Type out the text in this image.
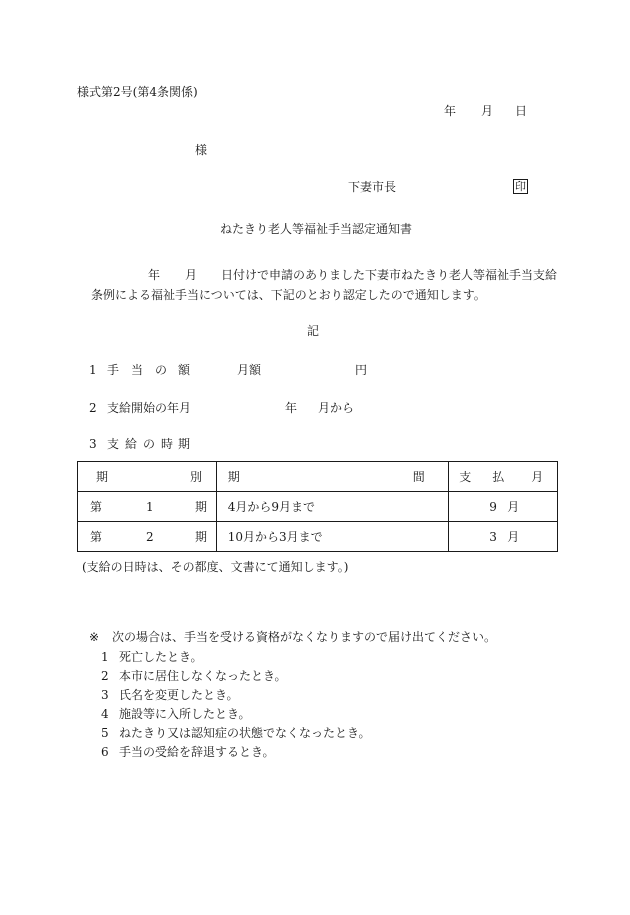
様式第2号(第4条関係)
年 月 日
様
下妻市長	印
ねたきり老人等福祉手当認定通知書
年 月 日付けで申請のありました下妻市ねたきり老人等福祉手当支給
条例による福祉手当については、下記のとおり認定したので通知します。
記
1 手 当 の 額	月額	円
2 支給開始の年月	年 月から
3 支 給 の 時 期
期 別	期 間	支 払 月

第 1 期	4月から9月まで	9 月

第 2 期	10月から3月まで	3 月
(支給の日時は、その都度、文書にて通知します。)
※ 次の場合は、手当を受ける資格がなくなりますので届け出てください。
1 死亡したとき。
2 本市に居住しなくなったとき。
3 氏名を変更したとき。
4 施設等に入所したとき。
5 ねたきり又は認知症の状態でなくなったとき。
6 手当の受給を辞退するとき。
